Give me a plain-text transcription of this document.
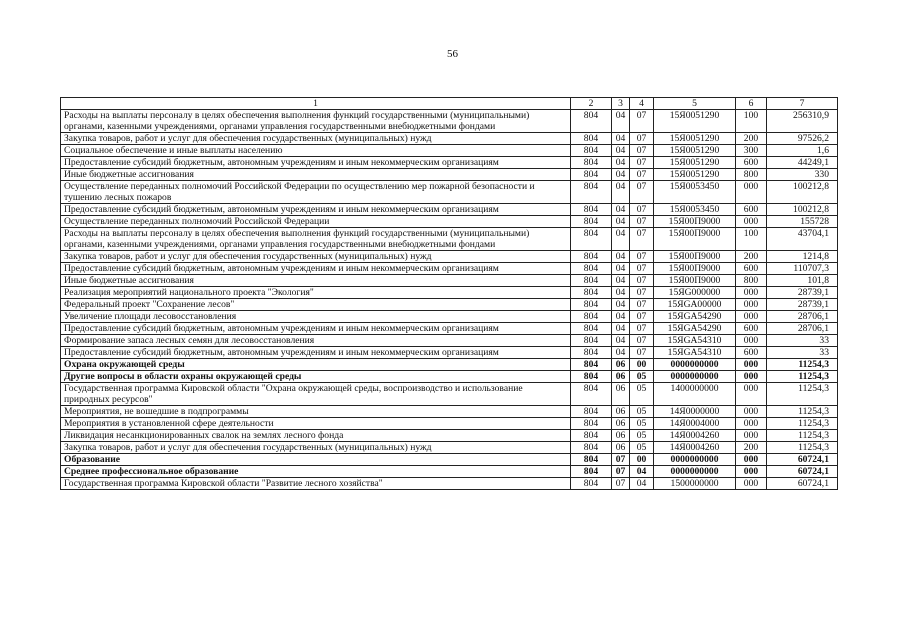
56
1	2	3	4	5	6	7
Расходы на выплаты персоналу в целях обеспечения выполнения функций государственными (муниципальными) органами, казенными учреждениями, органами управления государственными внебюджетными фондами	804	04	07	15Я0051290	100	256310,9
Закупка товаров, работ и услуг для обеспечения государственных (муниципальных) нужд	804	04	07	15Я0051290	200	97526,2
Социальное обеспечение и иные выплаты населению	804	04	07	15Я0051290	300	1,6
Предоставление субсидий бюджетным, автономным учреждениям и иным некоммерческим организациям	804	04	07	15Я0051290	600	44249,1
Иные бюджетные ассигнования	804	04	07	15Я0051290	800	330
Осуществление переданных полномочий Российской Федерации по осуществлению мер пожарной безопасности и тушению лесных пожаров	804	04	07	15Я0053450	000	100212,8
Предоставление субсидий бюджетным, автономным учреждениям и иным некоммерческим организациям	804	04	07	15Я0053450	600	100212,8
Осуществление переданных полномочий Российской Федерации	804	04	07	15Я00П9000	000	155728
Расходы на выплаты персоналу в целях обеспечения выполнения функций государственными (муниципальными) органами, казенными учреждениями, органами управления государственными внебюджетными фондами	804	04	07	15Я00П9000	100	43704,1
Закупка товаров, работ и услуг для обеспечения государственных (муниципальных) нужд	804	04	07	15Я00П9000	200	1214,8
Предоставление субсидий бюджетным, автономным учреждениям и иным некоммерческим организациям	804	04	07	15Я00П9000	600	110707,3
Иные бюджетные ассигнования	804	04	07	15Я00П9000	800	101,8
Реализация мероприятий национального проекта "Экология"	804	04	07	15ЯG000000	000	28739,1
Федеральный проект "Сохранение лесов"	804	04	07	15ЯGA00000	000	28739,1
Увеличение площади лесовосстановления	804	04	07	15ЯGA54290	000	28706,1
Предоставление субсидий бюджетным, автономным учреждениям и иным некоммерческим организациям	804	04	07	15ЯGA54290	600	28706,1
Формирование запаса лесных семян для лесовосстановления	804	04	07	15ЯGA54310	000	33
Предоставление субсидий бюджетным, автономным учреждениям и иным некоммерческим организациям	804	04	07	15ЯGA54310	600	33
Охрана окружающей среды	804	06	00	0000000000	000	11254,3
Другие вопросы в области охраны окружающей среды	804	06	05	0000000000	000	11254,3
Государственная программа Кировской области "Охрана окружающей среды, воспроизводство и использование природных ресурсов"	804	06	05	1400000000	000	11254,3
Мероприятия, не вошедшие в подпрограммы	804	06	05	14Я0000000	000	11254,3
Мероприятия в установленной сфере деятельности	804	06	05	14Я0004000	000	11254,3
Ликвидация несанкционированных свалок на землях лесного фонда	804	06	05	14Я0004260	000	11254,3
Закупка товаров, работ и услуг для обеспечения государственных (муниципальных) нужд	804	06	05	14Я0004260	200	11254,3
Образование	804	07	00	0000000000	000	60724,1
Среднее профессиональное образование	804	07	04	0000000000	000	60724,1
Государственная программа Кировской области "Развитие лесного хозяйства"	804	07	04	1500000000	000	60724,1
